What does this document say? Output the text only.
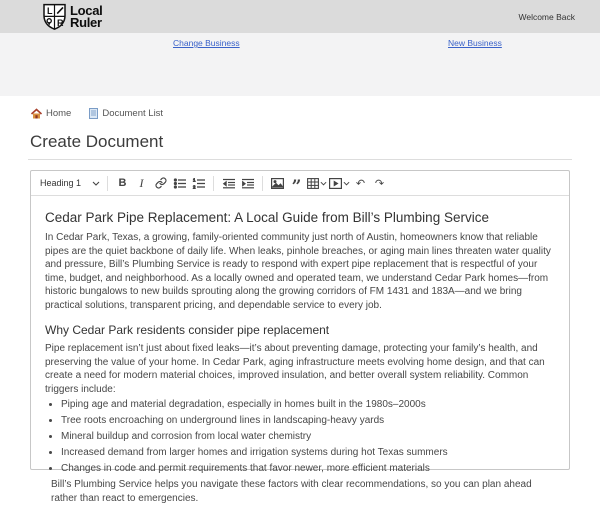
L
R
Local
Ruler	Welcome Back
Change Business	New Business
Home	Document List
Create Document
Heading 1	B	I	1
2	”	↶ ↷
Cedar Park Pipe Replacement: A Local Guide from Bill’s Plumbing Service

In Cedar Park, Texas, a growing, family-oriented community just north of Austin, homeowners know that reliable pipes are the quiet backbone of daily life. When leaks, pinhole breaches, or aging main lines threaten water quality and pressure, Bill’s Plumbing Service is ready to respond with expert pipe replacement that is respectful of your time, budget, and neighborhood. As a locally owned and operated team, we understand Cedar Park homes—from historic bungalows to new builds sprouting along the growing corridors of FM 1431 and 183A—and we bring practical solutions, transparent pricing, and dependable service to every job.

Why Cedar Park residents consider pipe replacement

Pipe replacement isn’t just about fixed leaks—it’s about preventing damage, protecting your family’s health, and preserving the value of your home. In Cedar Park, aging infrastructure meets evolving home design, and that can create a need for modern material choices, improved insulation, and better overall system reliability. Common triggers include:

• Piping age and material degradation, especially in homes built in the 1980s–2000s
• Tree roots encroaching on underground lines in landscaping-heavy yards
• Mineral buildup and corrosion from local water chemistry
• Increased demand from larger homes and irrigation systems during hot Texas summers
• Changes in code and permit requirements that favor newer, more efficient materials

Bill’s Plumbing Service helps you navigate these factors with clear recommendations, so you can plan ahead rather than react to emergencies.
